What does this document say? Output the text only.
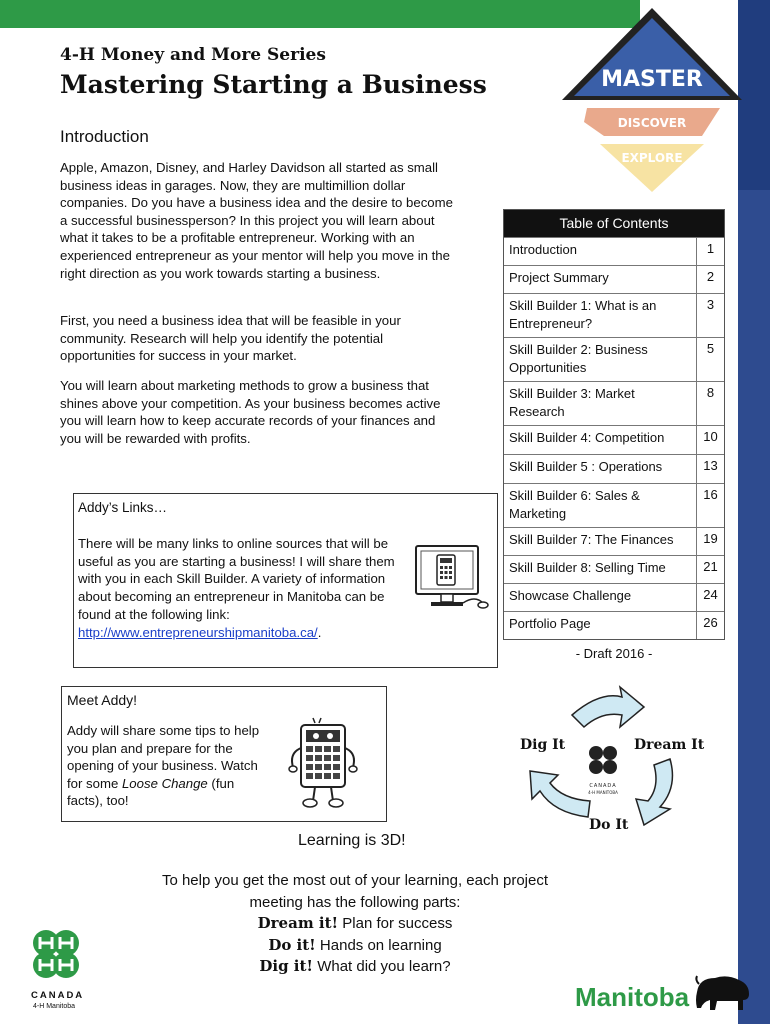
4-H Money and More Series
Mastering Starting a Business	MASTER
DISCOVER
EXPLORE
Introduction

Apple, Amazon, Disney, and Harley Davidson all started as small business ideas in garages. Now, they are multimillion dollar companies. Do you have a business idea and the desire to become a successful businessperson? In this project you will learn about what it takes to be a profitable entrepreneur. Working with an experienced entrepreneur as your mentor will help you move in the right direction as you work towards starting a business.

First, you need a business idea that will be feasible in your community. Research will help you identify the potential opportunities for success in your market.

You will learn about marketing methods to grow a business that shines above your competition. As your business becomes active you will learn how to keep accurate records of your finances and you will be rewarded with profits.

Table of Contents
Introduction	1
Project Summary	2
Skill Builder 1: What is an Entrepreneur?
3
Skill Builder 2: Business Opportunities
5
Skill Builder 3: Market Research
8
Skill Builder 4: Competition	10
Skill Builder 5 : Operations	13
Skill Builder 6: Sales & Marketing
16
Skill Builder 7: The Finances	19
Skill Builder 8: Selling Time	21
Showcase Challenge	24
Portfolio Page	26
- Draft 2016 -
Addy’s Links…

There will be many links to online sources that will be useful as you are starting a business! I will share them with you in each Skill Builder. A variety of information about becoming an entrepreneur in Manitoba can be found at the following link: http://www.entrepreneurshipmanitoba.ca/.

Meet Addy!

Addy will share some tips to help you plan and prepare for the opening of your business. Watch for some Loose Change (fun facts), too!

CANADA
4-H MANITOBA
Dig It	Dream It
Do It
Learning is 3D!
To help you get the most out of your learning, each project meeting has the following parts:
Dream it! Plan for success
Do it! Hands on learning
Dig it! What did you learn?
CANADA
4-H Manitoba	Manitoba
